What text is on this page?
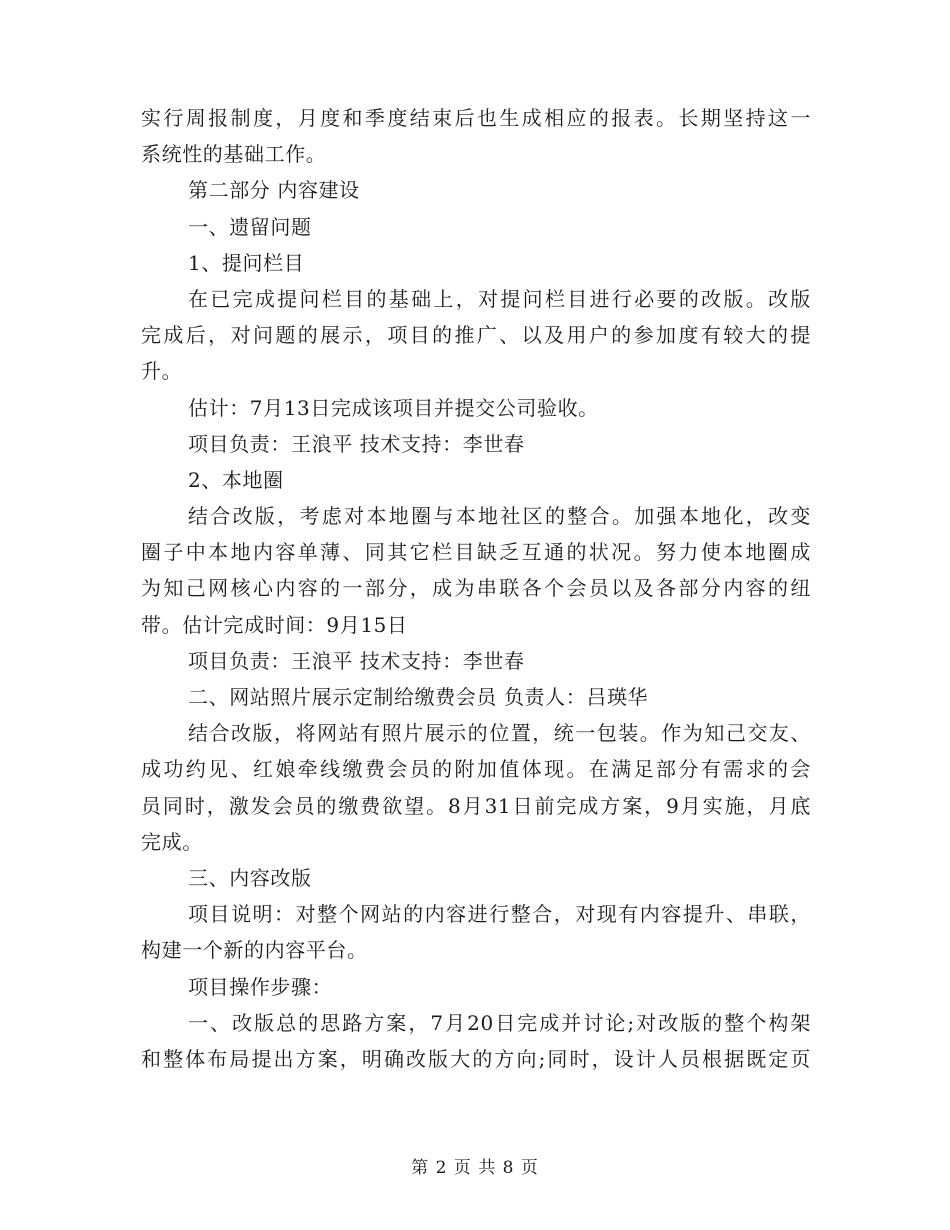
实行周报制度，月度和季度结束后也生成相应的报表。长期坚持这一
系统性的基础工作。
第二部分 内容建设
一、遗留问题
1、提问栏目
在已完成提问栏目的基础上，对提问栏目进行必要的改版。改版
完成后，对问题的展示，项目的推广、以及用户的参加度有较大的提
升。
估计：7月13日完成该项目并提交公司验收。
项目负责：王浪平 技术支持：李世春
2、本地圈
结合改版，考虑对本地圈与本地社区的整合。加强本地化，改变
圈子中本地内容单薄、同其它栏目缺乏互通的状况。努力使本地圈成
为知己网核心内容的一部分，成为串联各个会员以及各部分内容的纽
带。估计完成时间：9月15日
项目负责：王浪平 技术支持：李世春
二、网站照片展示定制给缴费会员 负责人：吕瑛华
结合改版，将网站有照片展示的位置，统一包装。作为知己交友、
成功约见、红娘牵线缴费会员的附加值体现。在满足部分有需求的会
员同时，激发会员的缴费欲望。8月31日前完成方案，9月实施，月底
完成。
三、内容改版
项目说明：对整个网站的内容进行整合，对现有内容提升、串联，
构建一个新的内容平台。
项目操作步骤：
一、改版总的思路方案，7月20日完成并讨论;对改版的整个构架
和整体布局提出方案，明确改版大的方向;同时，设计人员根据既定页
第 2 页 共 8 页
